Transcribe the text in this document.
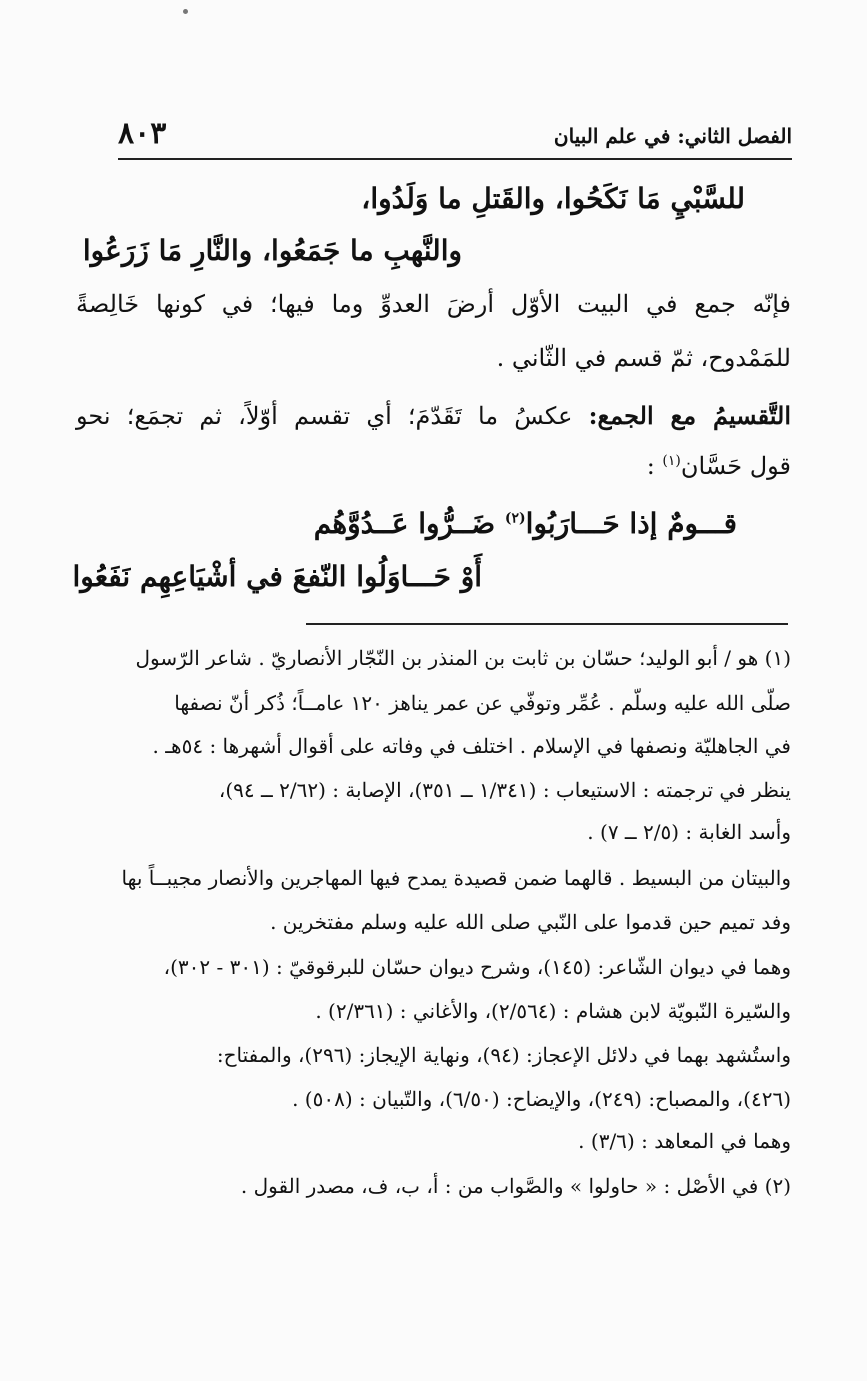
الفصل الثاني: في علم البيان
٨٠٣
للسَّبْيِ مَا نَكَحُوا، والقَتلِ ما وَلَدُوا،
والنَّهبِ ما جَمَعُوا، والنَّارِ مَا زَرَعُوا
فإنّه جمع في البيت الأوّل أرضَ العدوِّ وما فيها؛ في كونها خَالِصةً
للمَمْدوح، ثمّ قسم في الثّاني .
التَّقسيمُ مع الجمع: عكسُ ما تَقَدّمَ؛ أي تقسم أوّلاً، ثم تجمَع؛ نحو
قول حَسَّان$^{(١)}$ :
قـــومٌ إذا حَـــارَبُوا$^{(٢)}$ ضَــرُّوا عَــدُوَّهُم
أَوْ حَـــاوَلُوا النّفعَ في أشْيَاعِهِم نَفَعُوا
(١) هو / أبو الوليد؛ حسّان بن ثابت بن المنذر بن النّجّار الأنصاريّ . شاعر الرّسول
صلّى الله عليه وسلّم . عُمِّر وتوفّي عن عمر يناهز ١٢٠ عامــاً؛ ذُكر أنّ نصفها
في الجاهليّة ونصفها في الإسلام . اختلف في وفاته على أقوال أشهرها : ٥٤هـ .
ينظر في ترجمته : الاستيعاب : (١/٣٤١ ــ ٣٥١)، الإصابة : (٢/٦٢ ــ ٩٤)،
وأسد الغابة : (٢/٥ ــ ٧) .
والبيتان من البسيط . قالهما ضمن قصيدة يمدح فيها المهاجرين والأنصار مجيبــاً بها
وفد تميم حين قدموا على النّبي صلى الله عليه وسلم مفتخرين .
وهما في ديوان الشّاعر: (١٤٥)، وشرح ديوان حسّان للبرقوقيّ : (٣٠١ - ٣٠٢)،
والسّيرة النّبويّة لابن هشام : (٢/٥٦٤)، والأغاني : (٢/٣٦١) .
واستُشهد بهما في دلائل الإعجاز: (٩٤)، ونهاية الإيجاز: (٢٩٦)، والمفتاح:
(٤٢٦)، والمصباح: (٢٤٩)، والإيضاح: (٦/٥٠)، والتّبيان : (٥٠٨) .
وهما في المعاهد : (٣/٦) .
(٢) في الأصْل : « حاولوا » والصَّواب من : أ، ب، ف، مصدر القول .
